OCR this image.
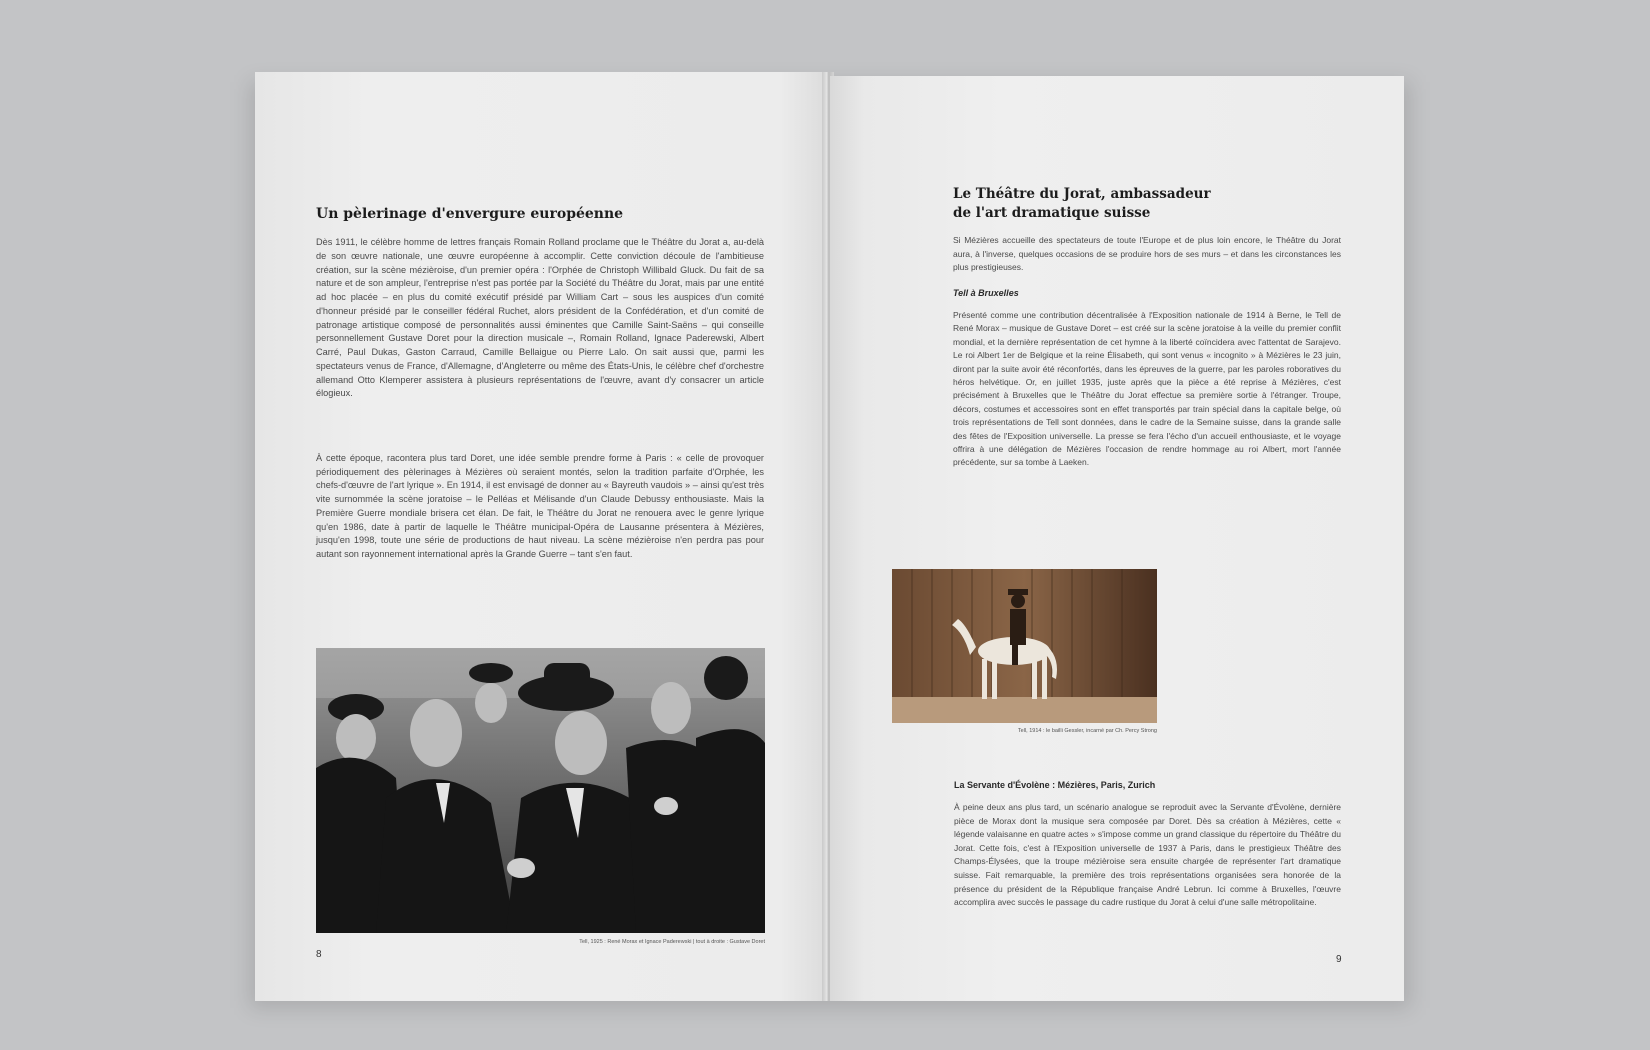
Un pèlerinage d'envergure européenne

Dès 1911, le célèbre homme de lettres français Romain Rolland proclame que le Théâtre du Jorat a, au-delà de son œuvre nationale, une œuvre européenne à accomplir. Cette conviction découle de l'ambitieuse création, sur la scène mézièroise, d'un premier opéra : l'Orphée de Christoph Willibald Gluck. Du fait de sa nature et de son ampleur, l'entreprise n'est pas portée par la Société du Théâtre du Jorat, mais par une entité ad hoc placée – en plus du comité exécutif présidé par William Cart – sous les auspices d'un comité d'honneur présidé par le conseiller fédéral Ruchet, alors président de la Confédération, et d'un comité de patronage artistique composé de personnalités aussi éminentes que Camille Saint-Saëns – qui conseille personnellement Gustave Doret pour la direction musicale –, Romain Rolland, Ignace Paderewski, Albert Carré, Paul Dukas, Gaston Carraud, Camille Bellaigue ou Pierre Lalo. On sait aussi que, parmi les spectateurs venus de France, d'Allemagne, d'Angleterre ou même des États-Unis, le célèbre chef d'orchestre allemand Otto Klemperer assistera à plusieurs représentations de l'œuvre, avant d'y consacrer un article élogieux.

À cette époque, racontera plus tard Doret, une idée semble prendre forme à Paris : « celle de provoquer périodiquement des pèlerinages à Mézières où seraient montés, selon la tradition parfaite d'Orphée, les chefs-d'œuvre de l'art lyrique ». En 1914, il est envisagé de donner au « Bayreuth vaudois » – ainsi qu'est très vite surnommée la scène joratoise – le Pelléas et Mélisande d'un Claude Debussy enthousiaste. Mais la Première Guerre mondiale brisera cet élan. De fait, le Théâtre du Jorat ne renouera avec le genre lyrique qu'en 1986, date à partir de laquelle le Théâtre municipal-Opéra de Lausanne présentera à Mézières, jusqu'en 1998, toute une série de productions de haut niveau. La scène mézièroise n'en perdra pas pour autant son rayonnement international après la Grande Guerre – tant s'en faut.

Tell, 1925 : René Morax et Ignace Paderewski | tout à droite : Gustave Doret

8

Le Théâtre du Jorat, ambassadeur
de l'art dramatique suisse

Si Mézières accueille des spectateurs de toute l'Europe et de plus loin encore, le Théâtre du Jorat aura, à l'inverse, quelques occasions de se produire hors de ses murs – et dans les circonstances les plus prestigieuses.

Tell à Bruxelles

Présenté comme une contribution décentralisée à l'Exposition nationale de 1914 à Berne, le Tell de René Morax – musique de Gustave Doret – est créé sur la scène joratoise à la veille du premier conflit mondial, et la dernière représentation de cet hymne à la liberté coïncidera avec l'attentat de Sarajevo. Le roi Albert 1er de Belgique et la reine Élisabeth, qui sont venus « incognito » à Mézières le 23 juin, diront par la suite avoir été réconfortés, dans les épreuves de la guerre, par les paroles roboratives du héros helvétique. Or, en juillet 1935, juste après que la pièce a été reprise à Mézières, c'est précisément à Bruxelles que le Théâtre du Jorat effectue sa première sortie à l'étranger. Troupe, décors, costumes et accessoires sont en effet transportés par train spécial dans la capitale belge, où trois représentations de Tell sont données, dans le cadre de la Semaine suisse, dans la grande salle des fêtes de l'Exposition universelle. La presse se fera l'écho d'un accueil enthousiaste, et le voyage offrira à une délégation de Mézières l'occasion de rendre hommage au roi Albert, mort l'année précédente, sur sa tombe à Laeken.

Tell, 1914 : le bailli Gessler, incarné par Ch. Percy Strong

La Servante d'Évolène : Mézières, Paris, Zurich

À peine deux ans plus tard, un scénario analogue se reproduit avec la Servante d'Évolène, dernière pièce de Morax dont la musique sera composée par Doret. Dès sa création à Mézières, cette « légende valaisanne en quatre actes » s'impose comme un grand classique du répertoire du Théâtre du Jorat. Cette fois, c'est à l'Exposition universelle de 1937 à Paris, dans le prestigieux Théâtre des Champs-Élysées, que la troupe mézièroise sera ensuite chargée de représenter l'art dramatique suisse. Fait remarquable, la première des trois représentations organisées sera honorée de la présence du président de la République française André Lebrun. Ici comme à Bruxelles, l'œuvre accomplira avec succès le passage du cadre rustique du Jorat à celui d'une salle métropolitaine.

9
